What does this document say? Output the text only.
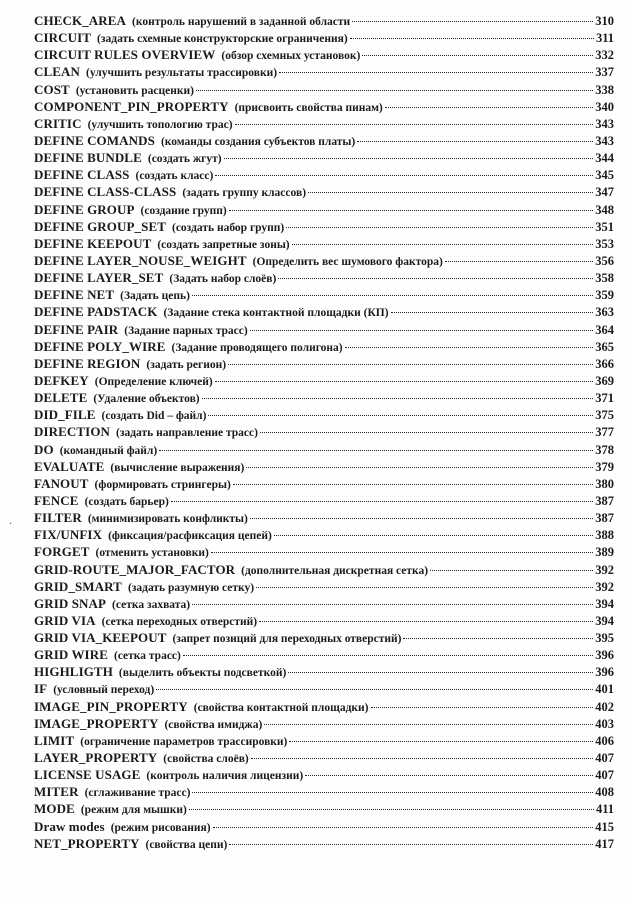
CHECK_AREA (контроль нарушений в заданной области	310
CIRCUIT (задать схемные конструкторские ограничения)	311
CIRCUIT RULES OVERVIEW (обзор схемных установок)	332
CLEAN (улучшить результаты трассировки)	337
COST (установить расценки)	338
COMPONENT_PIN_PROPERTY (присвоить свойства пинам)	340
CRITIC (улучшить топологию трас)	343
DEFINE COMANDS (команды создания субъектов платы)	343
DEFINE BUNDLE (создать жгут)	344
DEFINE CLASS (создать класс)	345
DEFINE CLASS-CLASS (задать группу классов)	347
DEFINE GROUP (создание групп)	348
DEFINE GROUP_SET (создать набор групп)	351
DEFINE KEEPOUT (создать запретные зоны)	353
DEFINE LAYER_NOUSE_WEIGHT (Определить вес шумового фактора)	356
DEFINE LAYER_SET (Задать набор слоёв)	358
DEFINE NET (Задать цепь)	359
DEFINE PADSTACK (Задание стека контактной площадки (КП)	363
DEFINE PAIR (Задание парных трасс)	364
DEFINE POLY_WIRE (Задание проводящего полигона)	365
DEFINE REGION (задать регион)	366
DEFKEY (Определение ключей)	369
DELETE (Удаление объектов)	371
DID_FILE (создать Did – файл)	375
DIRECTION (задать направление трасс)	377
DO (командный файл)	378
EVALUATE (вычисление выражения)	379
FANOUT (формировать стрингеры)	380
FENCE (создать барьер)	387
FILTER (минимизировать конфликты)	387
FIX/UNFIX (фиксация/расфиксация цепей)	388
FORGET (отменить установки)	389
GRID-ROUTE_MAJOR_FACTOR (дополнительная дискретная сетка)	392
GRID_SMART (задать разумную сетку)	392
GRID SNAP (сетка захвата)	394
GRID VIA (сетка переходных отверстий)	394
GRID VIA_KEEPOUT (запрет позиций для переходных отверстий)	395
GRID WIRE (сетка трасс)	396
HIGHLIGTH (выделить объекты подсветкой)	396
IF (условный переход)	401
IMAGE_PIN_PROPERTY (свойства контактной площадки)	402
IMAGE_PROPERTY (свойства имиджа)	403
LIMIT (ограничение параметров трассировки)	406
LAYER_PROPERTY (свойства слоёв)	407
LICENSE USAGE (контроль наличия лицензии)	407
MITER (сглаживание трасс)	408
MODE (режим для мышки)	411
Draw modes (режим рисования)	415
NET_PROPERTY (свойства цепи)	417
·
